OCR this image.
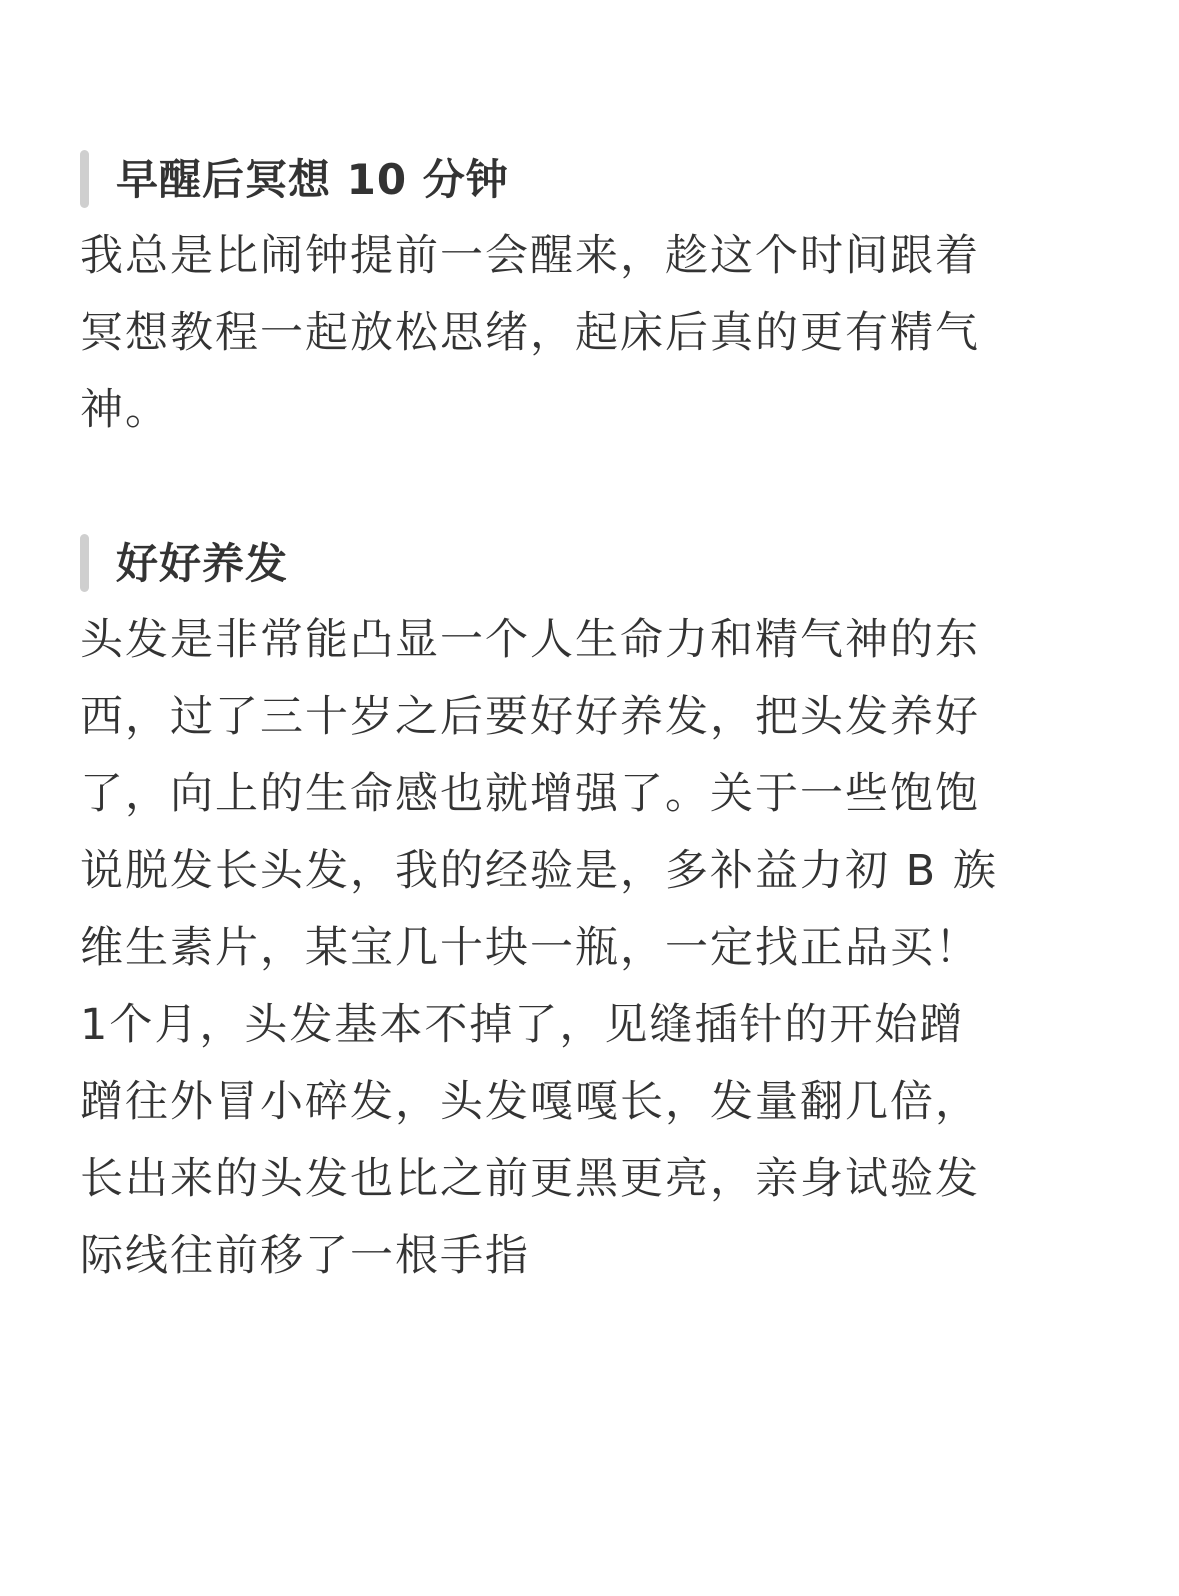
早醒后冥想 10 分钟
我总是比闹钟提前一会醒来，趁这个时间跟着
冥想教程一起放松思绪，起床后真的更有精气
神。
好好养发
头发是非常能凸显一个人生命力和精气神的东
西，过了三十岁之后要好好养发，把头发养好
了，向上的生命感也就增强了。关于一些饱饱
说脱发长头发，我的经验是，多补益力初 B 族
维生素片，某宝几十块一瓶，一定找正品买！
1个月，头发基本不掉了，见缝插针的开始蹭
蹭往外冒小碎发，头发嘎嘎长，发量翻几倍，
长出来的头发也比之前更黑更亮，亲身试验发
际线往前移了一根手指
